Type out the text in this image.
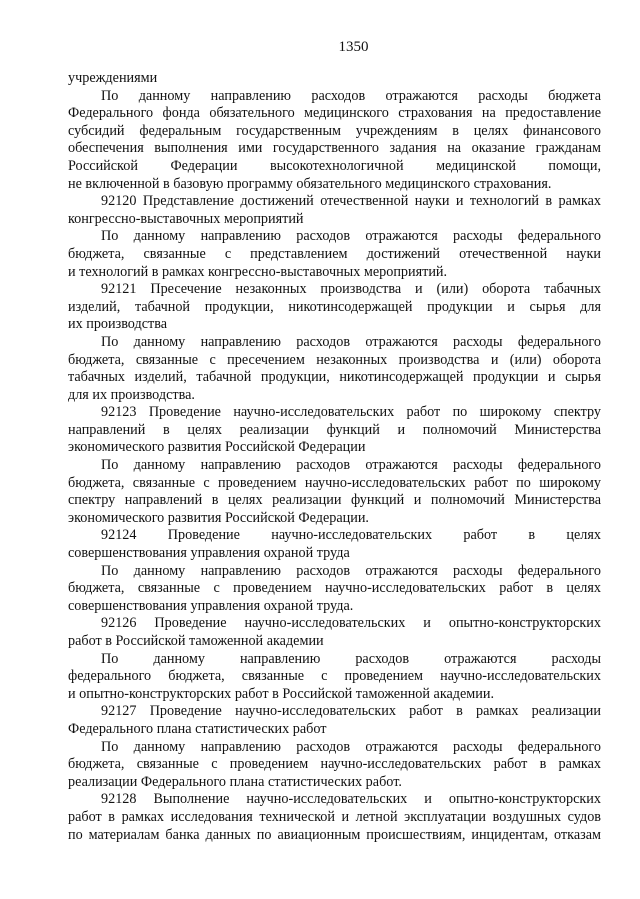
1350
учреждениями
По данному направлению расходов отражаются расходы бюджета
Федерального фонда обязательного медицинского страхования на предоставление
субсидий федеральным государственным учреждениям в целях финансового
обеспечения выполнения ими государственного задания на оказание гражданам
Российской Федерации высокотехнологичной медицинской помощи,
не включенной в базовую программу обязательного медицинского страхования.
92120 Представление достижений отечественной науки и технологий в рамках
конгрессно-выставочных мероприятий
По данному направлению расходов отражаются расходы федерального
бюджета, связанные с представлением достижений отечественной науки
и технологий в рамках конгрессно-выставочных мероприятий.
92121 Пресечение незаконных производства и (или) оборота табачных
изделий, табачной продукции, никотинсодержащей продукции и сырья для
их производства
По данному направлению расходов отражаются расходы федерального
бюджета, связанные с пресечением незаконных производства и (или) оборота
табачных изделий, табачной продукции, никотинсодержащей продукции и сырья
для их производства.
92123 Проведение научно-исследовательских работ по широкому спектру
направлений в целях реализации функций и полномочий Министерства
экономического развития Российской Федерации
По данному направлению расходов отражаются расходы федерального
бюджета, связанные с проведением научно-исследовательских работ по широкому
спектру направлений в целях реализации функций и полномочий Министерства
экономического развития Российской Федерации.
92124 Проведение научно-исследовательских работ в целях
совершенствования управления охраной труда
По данному направлению расходов отражаются расходы федерального
бюджета, связанные с проведением научно-исследовательских работ в целях
совершенствования управления охраной труда.
92126 Проведение научно-исследовательских и опытно-конструкторских
работ в Российской таможенной академии
По данному направлению расходов отражаются расходы
федерального бюджета, связанные с проведением научно-исследовательских
и опытно-конструкторских работ в Российской таможенной академии.
92127 Проведение научно-исследовательских работ в рамках реализации
Федерального плана статистических работ
По данному направлению расходов отражаются расходы федерального
бюджета, связанные с проведением научно-исследовательских работ в рамках
реализации Федерального плана статистических работ.
92128 Выполнение научно-исследовательских и опытно-конструкторских
работ в рамках исследования технической и летной эксплуатации воздушных судов
по материалам банка данных по авиационным происшествиям, инцидентам, отказам
